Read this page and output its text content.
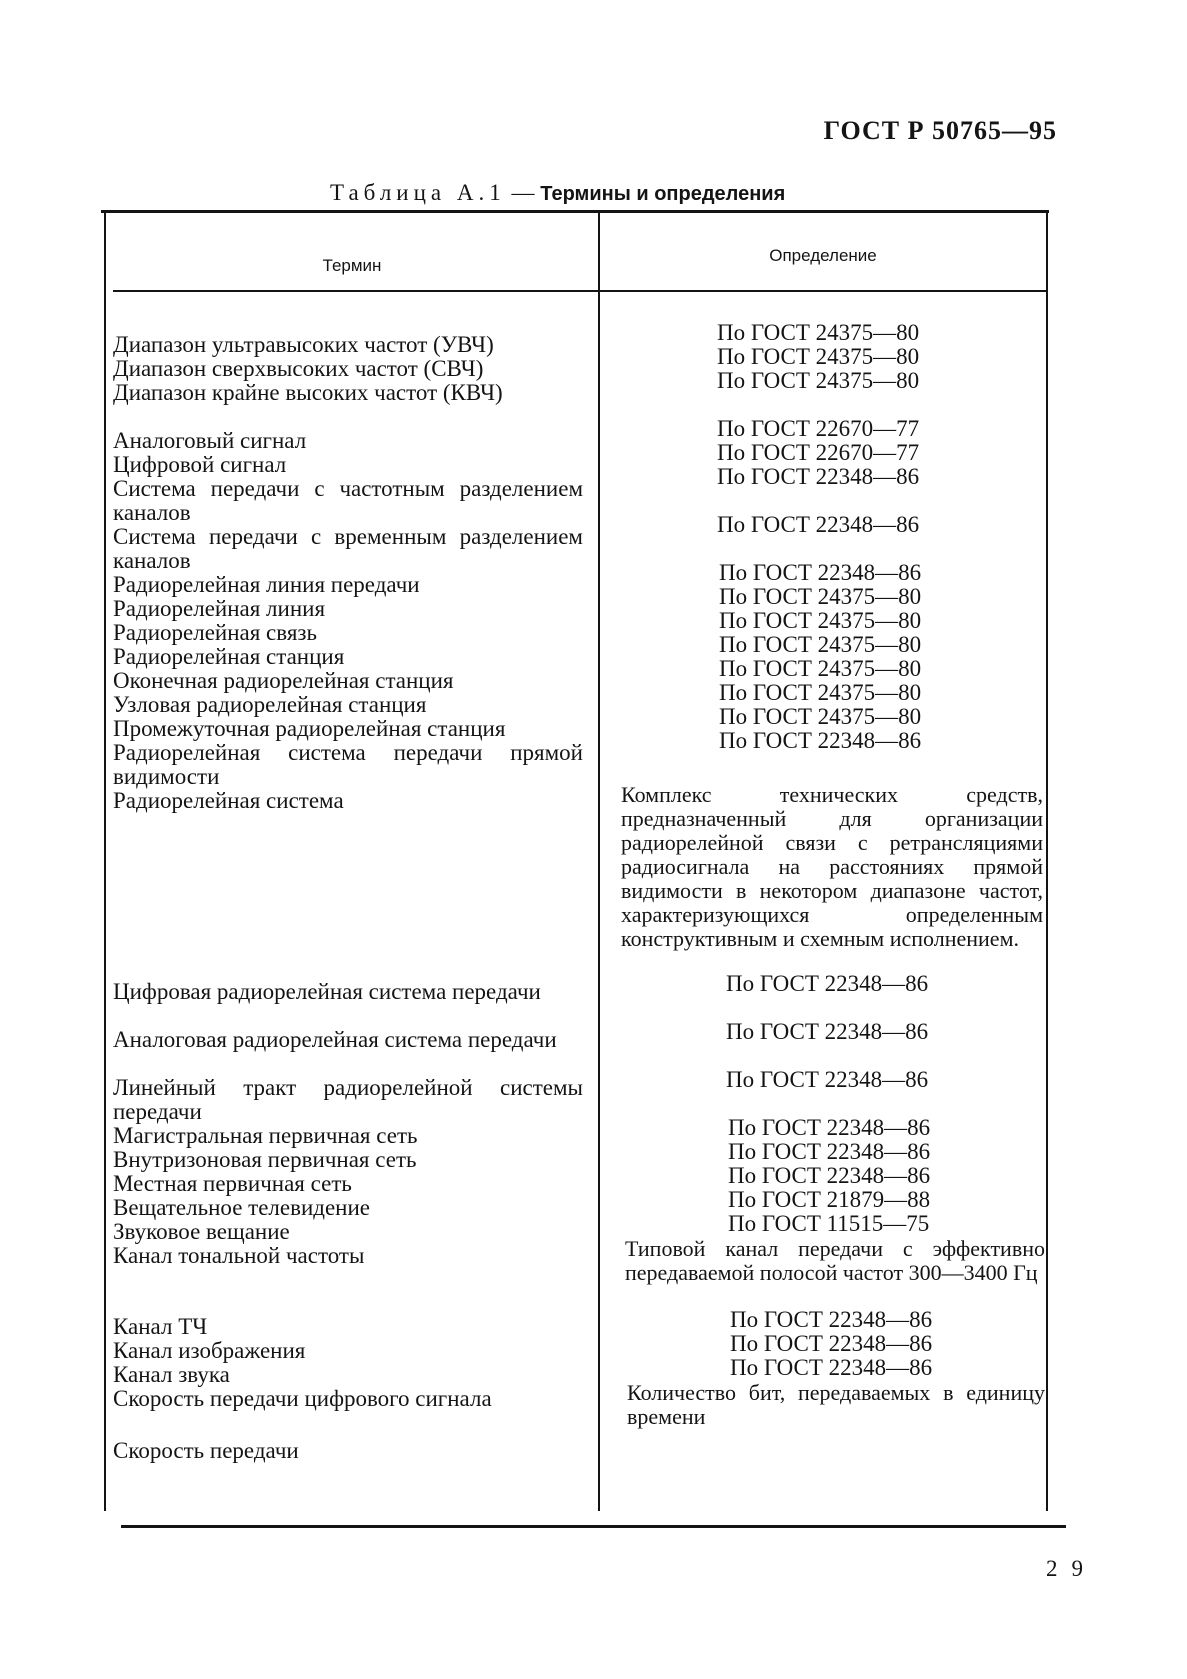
ГОСТ Р 50765—95
Таблица А.1 — Термины и определения
Термин
Определение
Диапазон ультравысоких частот (УВЧ)
Диапазон сверхвысоких частот (СВЧ)
Диапазон крайне высоких частот (КВЧ)
Аналоговый сигнал
Цифровой сигнал
Система передачи с частотным разделением каналов
Система передачи с временным разделением каналов
Радиорелейная линия передачи
Радиорелейная линия
Радиорелейная связь
Радиорелейная станция
Оконечная радиорелейная станция
Узловая радиорелейная станция
Промежуточная радиорелейная станция
Радиорелейная система передачи прямой видимости
Радиорелейная система
Цифровая радиорелейная система передачи
Аналоговая радиорелейная система передачи
Линейный тракт радиорелейной системы передачи
Магистральная первичная сеть
Внутризоновая первичная сеть
Местная первичная сеть
Вещательное телевидение
Звуковое вещание
Канал тональной частоты
Канал ТЧ
Канал изображения
Канал звука
Скорость передачи цифрового сигнала
Скорость передачи
По ГОСТ 24375—80
По ГОСТ 24375—80
По ГОСТ 24375—80
По ГОСТ 22670—77
По ГОСТ 22670—77
По ГОСТ 22348—86
По ГОСТ 22348—86
По ГОСТ 22348—86
По ГОСТ 24375—80
По ГОСТ 24375—80
По ГОСТ 24375—80
По ГОСТ 24375—80
По ГОСТ 24375—80
По ГОСТ 24375—80
По ГОСТ 22348—86
Комплекс технических средств, предназначенный для организации радиорелейной связи с ретрансляциями радиосигнала на расстояниях прямой видимости в некотором диапазоне частот, характеризующихся определенным конструктивным и схемным исполнением.
По ГОСТ 22348—86
По ГОСТ 22348—86
По ГОСТ 22348—86
По ГОСТ 22348—86
По ГОСТ 22348—86
По ГОСТ 22348—86
По ГОСТ 21879—88
По ГОСТ 11515—75
Типовой канал передачи с эффективно передаваемой полосой частот 300—3400 Гц
По ГОСТ 22348—86
По ГОСТ 22348—86
По ГОСТ 22348—86
Количество бит, передаваемых в единицу времени
29
